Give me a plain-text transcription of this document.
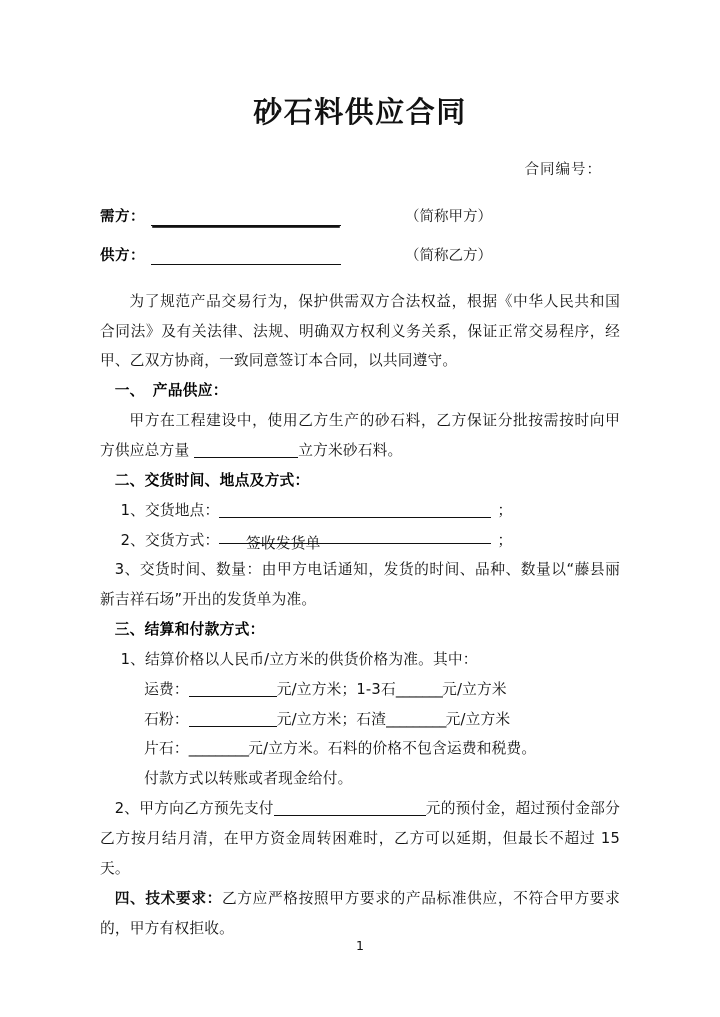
砂石料供应合同
合同编号：
需方：	（简称甲方）
供方：	（简称乙方）

为了规范产品交易行为，保护供需双方合法权益，根据《中华人民共和国合同法》及有关法律、法规、明确双方权利义务关系，保证正常交易程序，经甲、乙双方协商，一致同意签订本合同，以共同遵守。

一、 产品供应：

甲方在工程建设中，使用乙方生产的砂石料，乙方保证分批按需按时向甲方供应总方量	立方米砂石料。

二、交货时间、地点及方式：

1、交货地点：	；

2、交货方式： 签收发货单	；

3、交货时间、数量：由甲方电话通知，发货的时间、品种、数量以“藤县丽新吉祥石场”开出的发货单为准。

三、结算和付款方式：

1、结算价格以人民币/立方米的供货价格为准。其中：

运费：	元/立方米；1-3石_______元/立方米

石粉：	元/立方米；石渣_________元/立方米

片石：_________元/立方米。石料的价格不包含运费和税费。

付款方式以转账或者现金给付。

2、甲方向乙方预先支付	元的预付金，超过预付金部分乙方按月结月清，在甲方资金周转困难时，乙方可以延期，但最长不超过 15 天。

四、技术要求：乙方应严格按照甲方要求的产品标准供应，不符合甲方要求的，甲方有权拒收。

1
